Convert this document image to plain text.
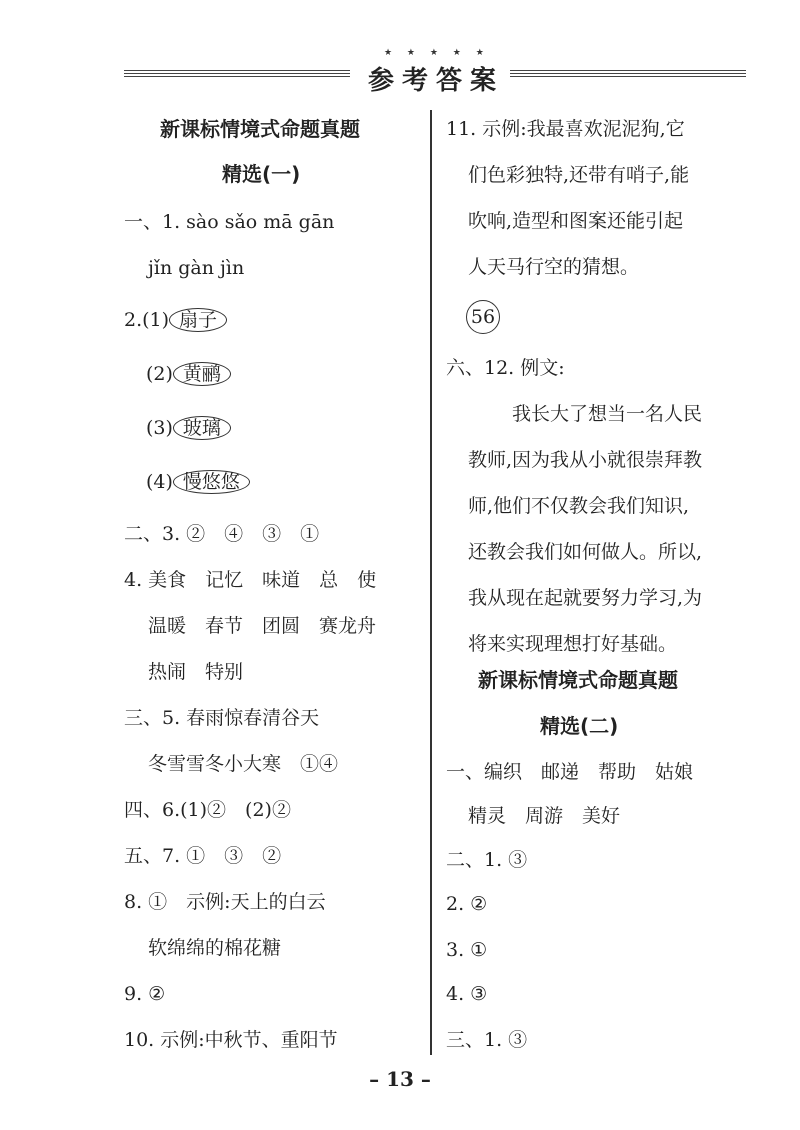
★ ★ ★ ★ ★
参考答案
新课标情境式命题真题
精选(一)
一、1. sào sǎo mā gān
jǐn gàn jìn
2.(1) 扇子
(2) 黄鹂
(3) 玻璃
(4) 慢悠悠
二、3. ②　④　③　①
4. 美食　记忆　味道　总　使
温暖　春节　团圆　赛龙舟
热闹　特别
三、5. 春雨惊春清谷天
冬雪雪冬小大寒　①④
四、6.(1)②　(2)②
五、7. ①　③　②
8. ①　示例:天上的白云
软绵绵的棉花糖
9. ②
10. 示例:中秋节、重阳节
11. 示例:我最喜欢泥泥狗,它
们色彩独特,还带有哨子,能
吹响,造型和图案还能引起
人天马行空的猜想。
56
六、12. 例文:
我长大了想当一名人民
教师,因为我从小就很崇拜教
师,他们不仅教会我们知识,
还教会我们如何做人。所以,
我从现在起就要努力学习,为
将来实现理想打好基础。
新课标情境式命题真题
精选(二)
一、编织　邮递　帮助　姑娘
精灵　周游　美好
二、1. ③
2. ②
3. ①
4. ③
三、1. ③
– 13 –
